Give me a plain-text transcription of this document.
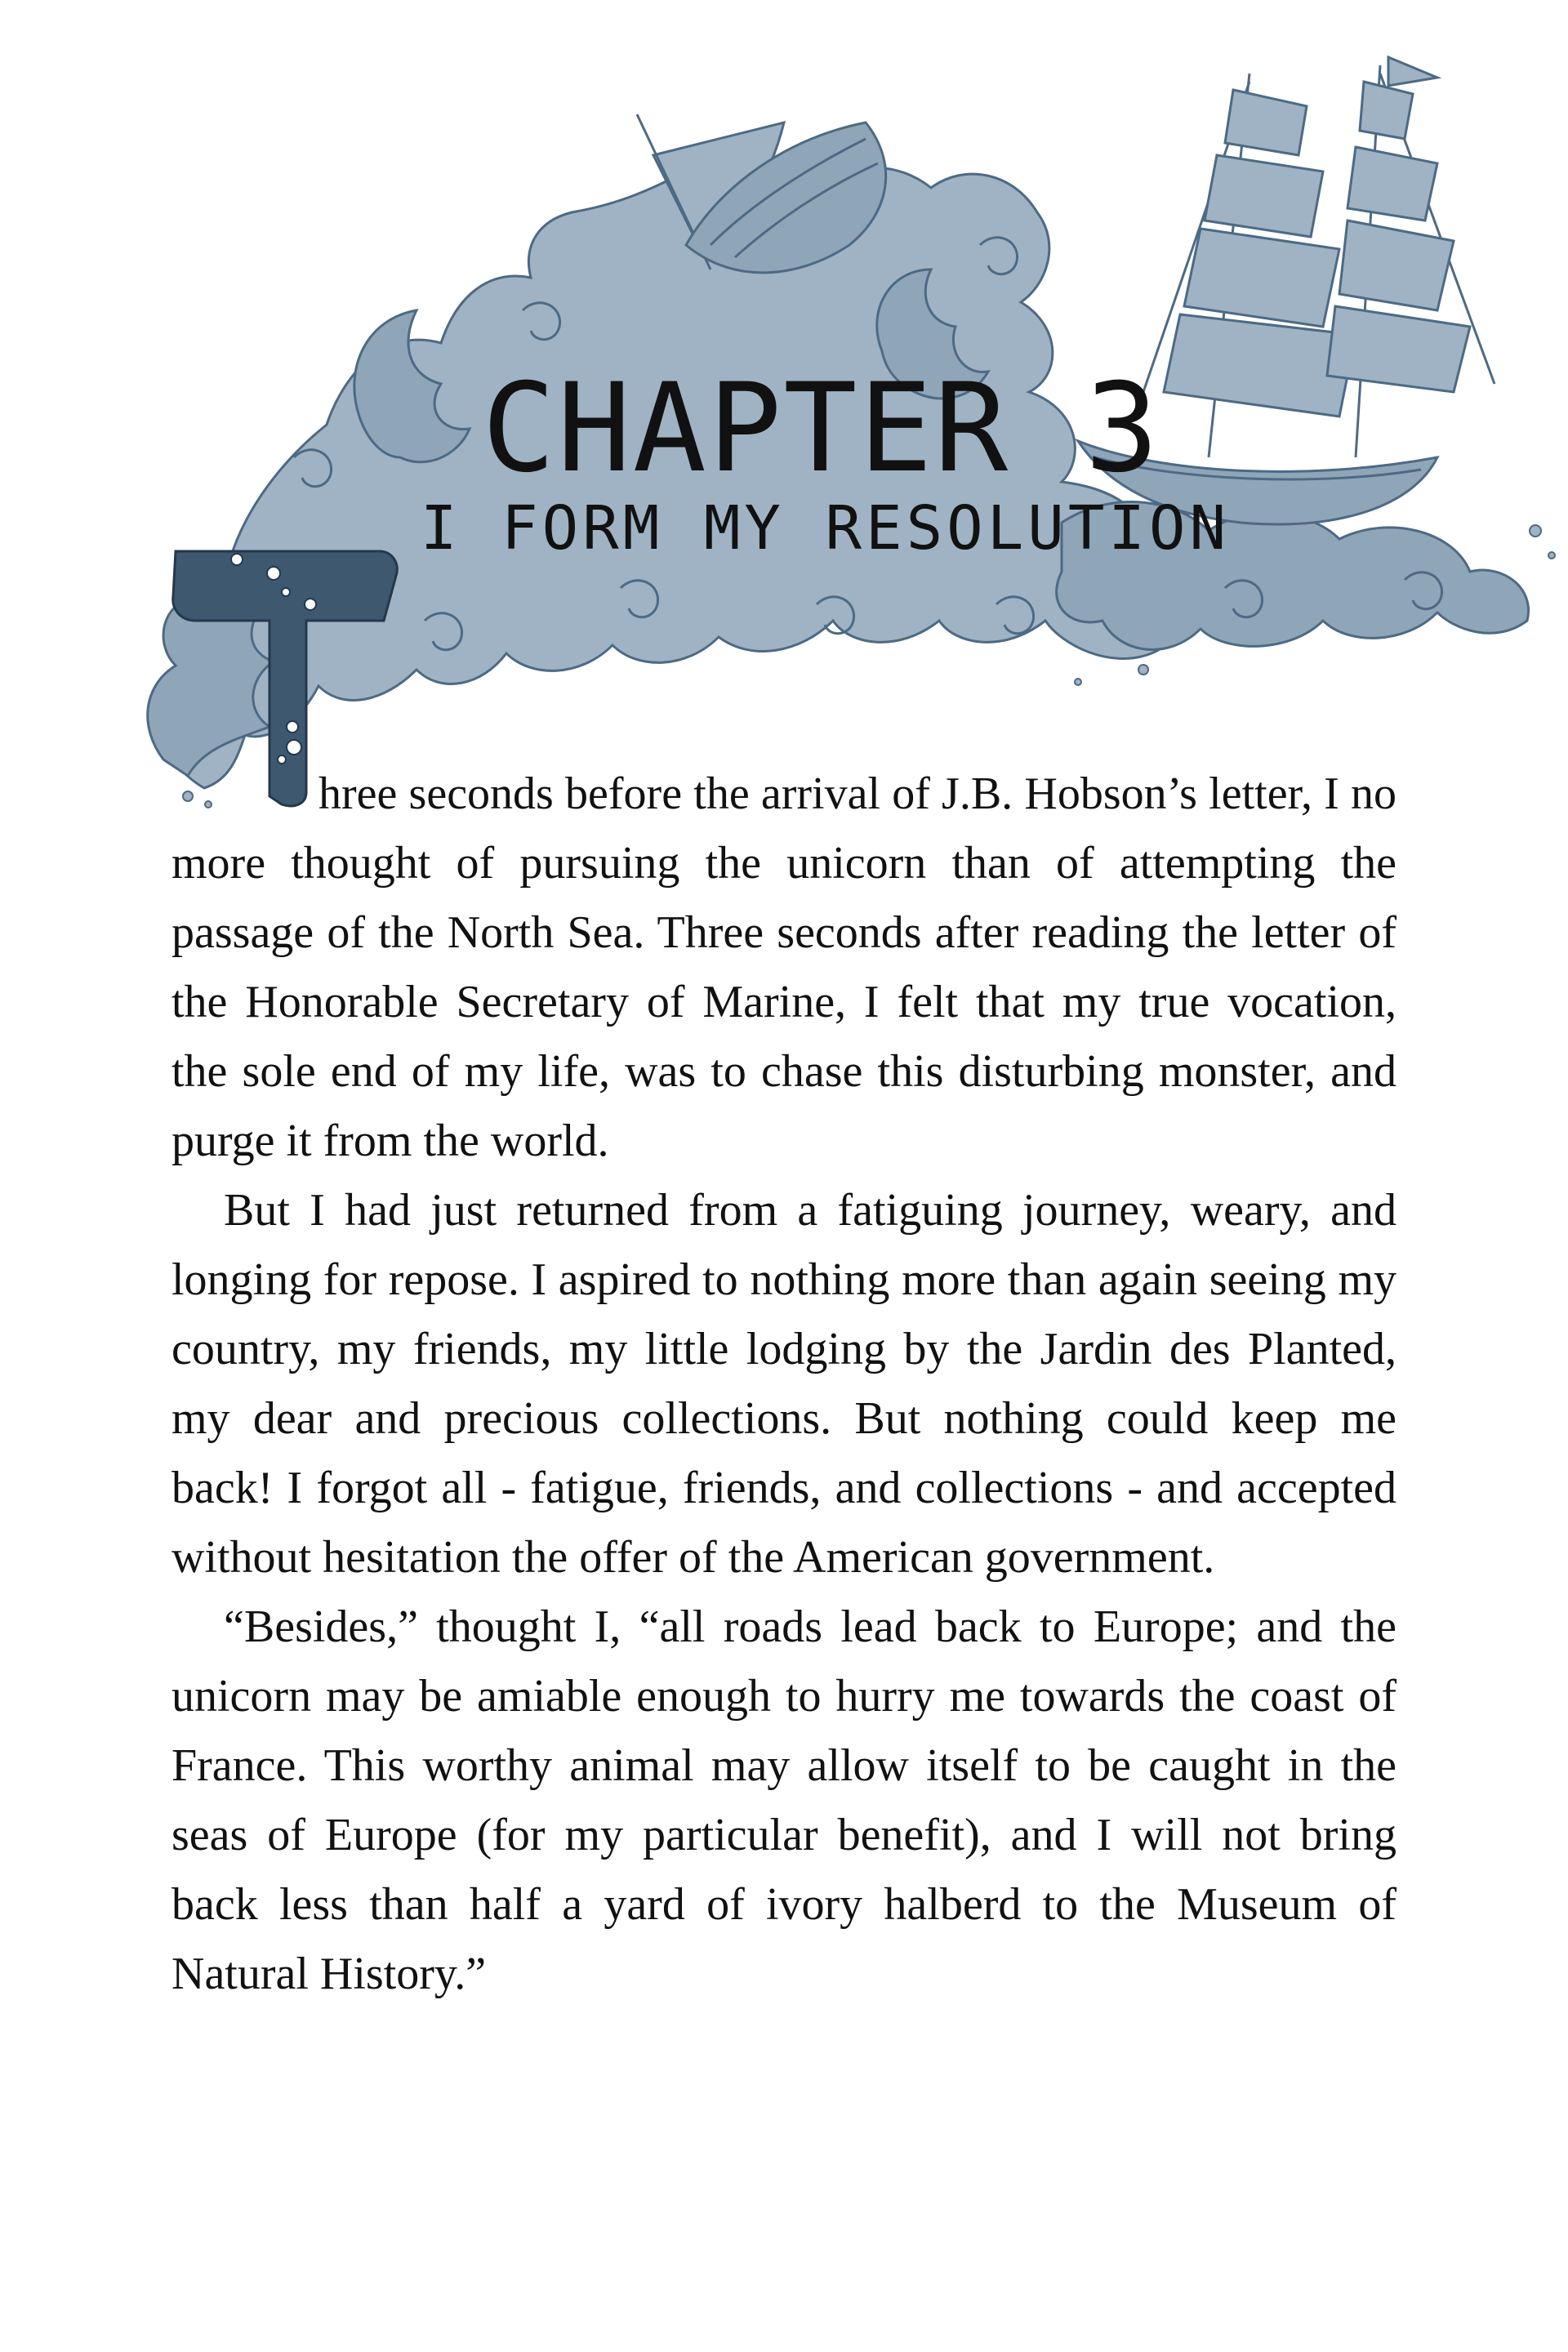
CHAPTER 3
I FORM MY RESOLUTION

hree seconds before the arrival of J.B. Hobson’s letter, I no more thought of pursuing the unicorn than of attempting the passage of the North Sea. Three seconds after reading the letter of the Honorable Secretary of Marine, I felt that my true vocation, the sole end of my life, was to chase this disturbing monster, and purge it from the world.

But I had just returned from a fatiguing journey, weary, and longing for repose. I aspired to nothing more than again seeing my country, my friends, my little lodging by the Jardin des Planted, my dear and precious collections. But nothing could keep me back! I forgot all - fatigue, friends, and collections - and accepted without hesitation the offer of the American government.

“Besides,” thought I, “all roads lead back to Europe; and the unicorn may be amiable enough to hurry me towards the coast of France. This worthy animal may allow itself to be caught in the seas of Europe (for my particular benefit), and I will not bring back less than half a yard of ivory halberd to the Museum of Natural History.”
